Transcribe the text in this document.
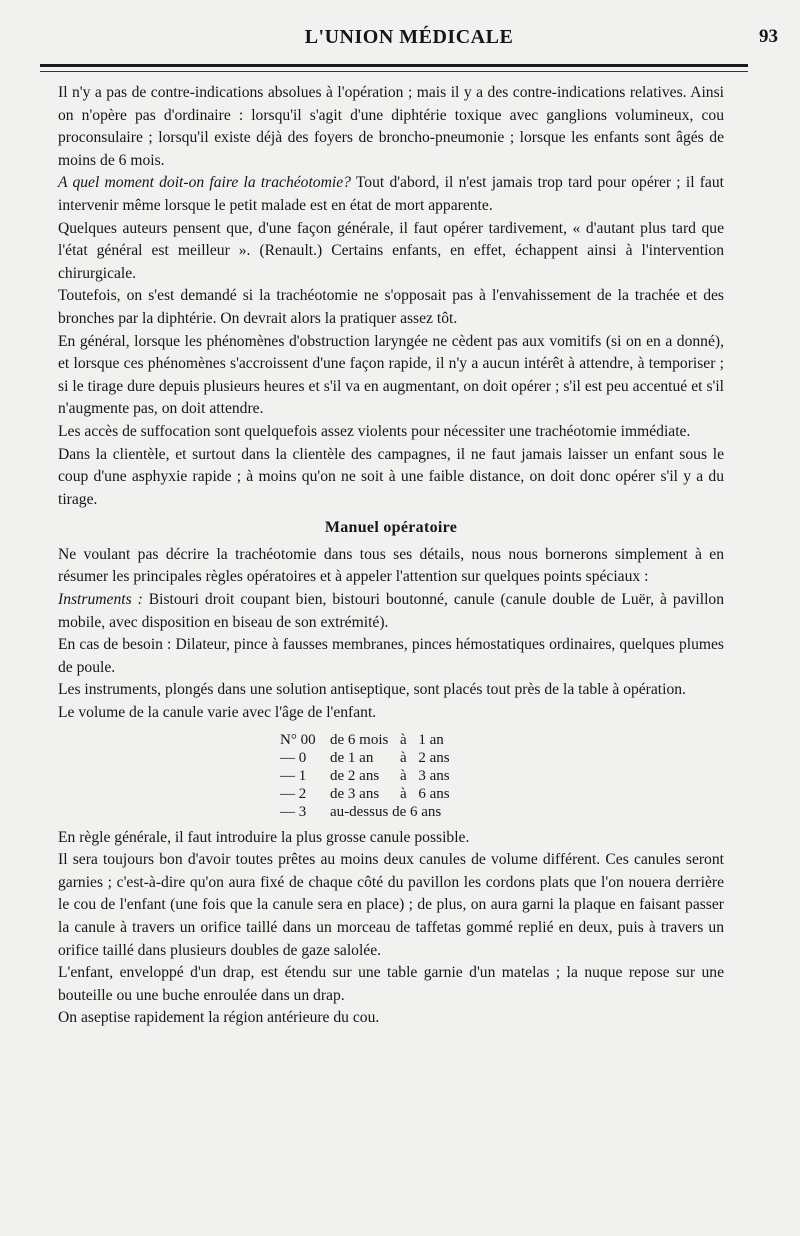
L'UNION MÉDICALE	93

Il n'y a pas de contre-indications absolues à l'opération ; mais il y a des contre-indications relatives. Ainsi on n'opère pas d'ordinaire : lorsqu'il s'agit d'une diphtérie toxique avec ganglions volumineux, cou proconsulaire ; lorsqu'il existe déjà des foyers de broncho-pneumonie ; lorsque les enfants sont âgés de moins de 6 mois.

A quel moment doit-on faire la trachéotomie? Tout d'abord, il n'est jamais trop tard pour opérer ; il faut intervenir même lorsque le petit malade est en état de mort apparente.

Quelques auteurs pensent que, d'une façon générale, il faut opérer tardivement, « d'autant plus tard que l'état général est meilleur ». (Renault.) Certains enfants, en effet, échappent ainsi à l'intervention chirurgicale.

Toutefois, on s'est demandé si la trachéotomie ne s'opposait pas à l'envahissement de la trachée et des bronches par la diphtérie. On devrait alors la pratiquer assez tôt.

En général, lorsque les phénomènes d'obstruction laryngée ne cèdent pas aux vomitifs (si on en a donné), et lorsque ces phénomènes s'accroissent d'une façon rapide, il n'y a aucun intérêt à attendre, à temporiser ; si le tirage dure depuis plusieurs heures et s'il va en augmentant, on doit opérer ; s'il est peu accentué et s'il n'augmente pas, on doit attendre.

Les accès de suffocation sont quelquefois assez violents pour nécessiter une trachéotomie immédiate.

Dans la clientèle, et surtout dans la clientèle des campagnes, il ne faut jamais laisser un enfant sous le coup d'une asphyxie rapide ; à moins qu'on ne soit à une faible distance, on doit donc opérer s'il y a du tirage.

Manuel opératoire

Ne voulant pas décrire la trachéotomie dans tous ses détails, nous nous bornerons simplement à en résumer les principales règles opératoires et à appeler l'attention sur quelques points spéciaux :

Instruments : Bistouri droit coupant bien, bistouri boutonné, canule (canule double de Luër, à pavillon mobile, avec disposition en biseau de son extrémité).

En cas de besoin : Dilateur, pince à fausses membranes, pinces hémostatiques ordinaires, quelques plumes de poule.

Les instruments, plongés dans une solution antiseptique, sont placés tout près de la table à opération.

Le volume de la canule varie avec l'âge de l'enfant.

N° 00	de 6 mois	à	1 an
— 0	de 1 an	à	2 ans
— 1	de 2 ans	à	3 ans
— 2	de 3 ans	à	6 ans
— 3	au-dessus de 6 ans		

En règle générale, il faut introduire la plus grosse canule possible.

Il sera toujours bon d'avoir toutes prêtes au moins deux canules de volume différent. Ces canules seront garnies ; c'est-à-dire qu'on aura fixé de chaque côté du pavillon les cordons plats que l'on nouera derrière le cou de l'enfant (une fois que la canule sera en place) ; de plus, on aura garni la plaque en faisant passer la canule à travers un orifice taillé dans un morceau de taffetas gommé replié en deux, puis à travers un orifice taillé dans plusieurs doubles de gaze salolée.

L'enfant, enveloppé d'un drap, est étendu sur une table garnie d'un matelas ; la nuque repose sur une bouteille ou une buche enroulée dans un drap.

On aseptise rapidement la région antérieure du cou.
